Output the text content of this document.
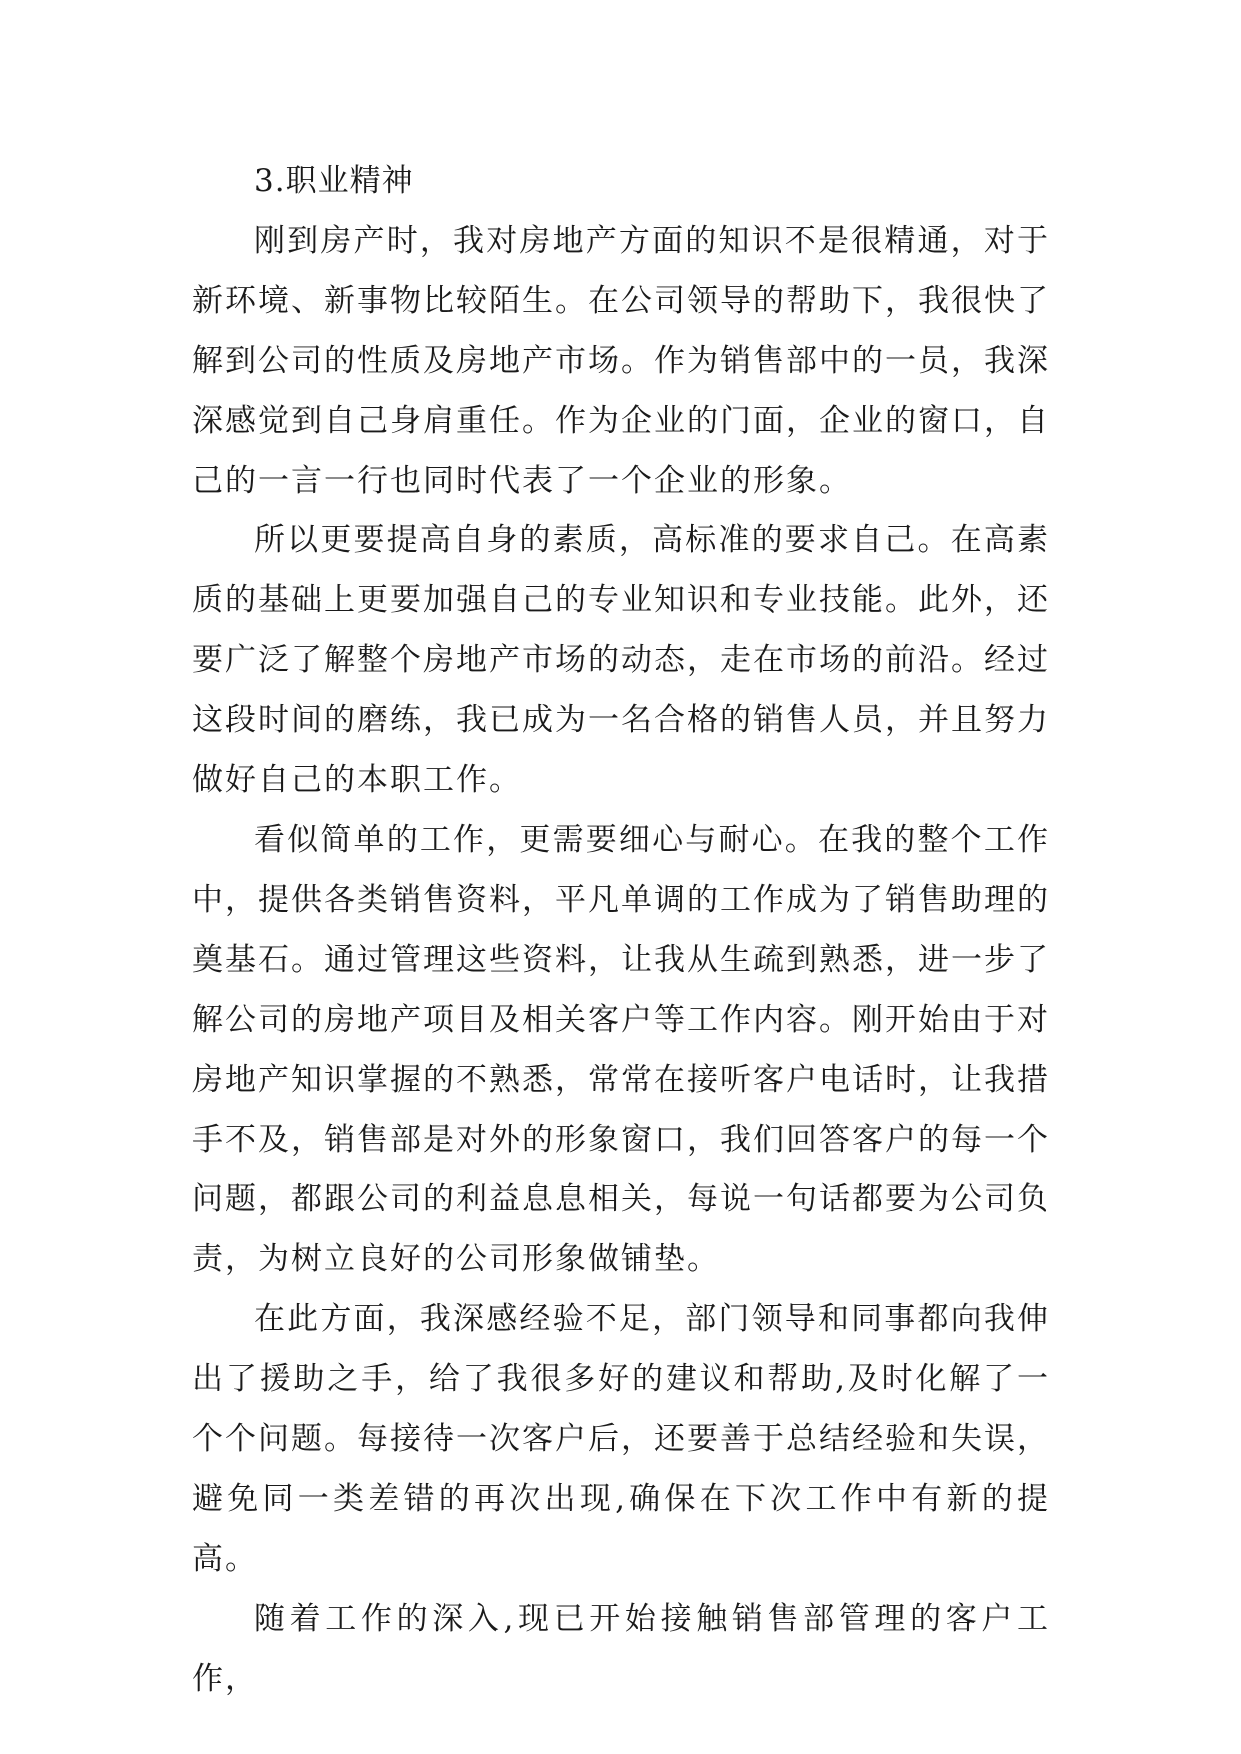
3.职业精神

刚到房产时，我对房地产方面的知识不是很精通，对于新环境、新事物比较陌生。在公司领导的帮助下，我很快了解到公司的性质及房地产市场。作为销售部中的一员，我深深感觉到自己身肩重任。作为企业的门面，企业的窗口，自己的一言一行也同时代表了一个企业的形象。

所以更要提高自身的素质，高标准的要求自己。在高素质的基础上更要加强自己的专业知识和专业技能。此外，还要广泛了解整个房地产市场的动态，走在市场的前沿。经过这段时间的磨练，我已成为一名合格的销售人员，并且努力做好自己的本职工作。

看似简单的工作，更需要细心与耐心。在我的整个工作中，提供各类销售资料，平凡单调的工作成为了销售助理的奠基石。通过管理这些资料，让我从生疏到熟悉，进一步了解公司的房地产项目及相关客户等工作内容。刚开始由于对房地产知识掌握的不熟悉，常常在接听客户电话时，让我措手不及，销售部是对外的形象窗口，我们回答客户的每一个问题，都跟公司的利益息息相关，每说一句话都要为公司负责，为树立良好的公司形象做铺垫。

在此方面，我深感经验不足，部门领导和同事都向我伸出了援助之手，给了我很多好的建议和帮助,及时化解了一个个问题。每接待一次客户后，还要善于总结经验和失误，避免同一类差错的再次出现,确保在下次工作中有新的提高。

随着工作的深入,现已开始接触销售部管理的客户工作，
